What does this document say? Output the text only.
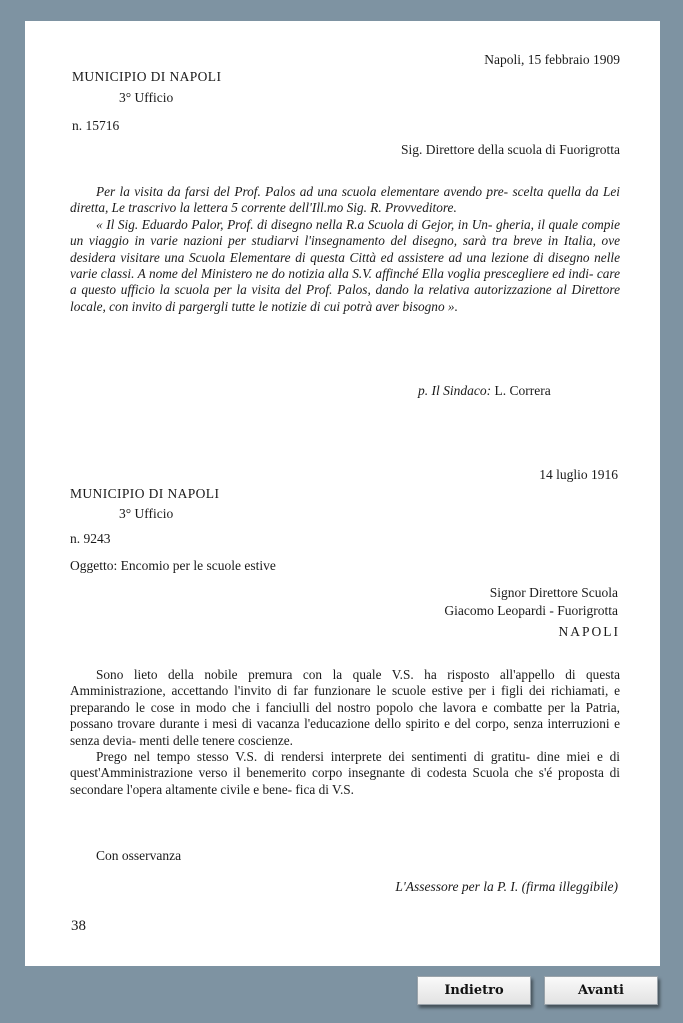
Napoli, 15 febbraio 1909
MUNICIPIO DI NAPOLI
3° Ufficio
n. 15716
Sig. Direttore della scuola di Fuorigrotta

Per la visita da farsi del Prof. Palos ad una scuola elementare avendo pre- scelta quella da Lei diretta, Le trascrivo la lettera 5 corrente dell'Ill.mo Sig. R. Provveditore.

« Il Sig. Eduardo Palor, Prof. di disegno nella R.a Scuola di Gejor, in Un- gheria, il quale compie un viaggio in varie nazioni per studiarvi l'insegnamento del disegno, sarà tra breve in Italia, ove desidera visitare una Scuola Elementare di questa Città ed assistere ad una lezione di disegno nelle varie classi. A nome del Ministero ne do notizia alla S.V. affinché Ella voglia prescegliere ed indi- care a questo ufficio la scuola per la visita del Prof. Palos, dando la relativa autorizzazione al Direttore locale, con invito di pargergli tutte le notizie di cui potrà aver bisogno ».

p. Il Sindaco: L. Correra
14 luglio 1916
MUNICIPIO DI NAPOLI
3° Ufficio
n. 9243
Oggetto: Encomio per le scuole estive
Signor Direttore Scuola
Giacomo Leopardi - Fuorigrotta
NAPOLI

Sono lieto della nobile premura con la quale V.S. ha risposto all'appello di questa Amministrazione, accettando l'invito di far funzionare le scuole estive per i figli dei richiamati, e preparando le cose in modo che i fanciulli del nostro popolo che lavora e combatte per la Patria, possano trovare durante i mesi di vacanza l'educazione dello spirito e del corpo, senza interruzioni e senza devia- menti delle tenere coscienze.

Prego nel tempo stesso V.S. di rendersi interprete dei sentimenti di gratitu- dine miei e di quest'Amministrazione verso il benemerito corpo insegnante di codesta Scuola che s'é proposta di secondare l'opera altamente civile e bene- fica di V.S.

Con osservanza
L'Assessore per la P. I. (firma illeggibile)
38
Indietro	Avanti
